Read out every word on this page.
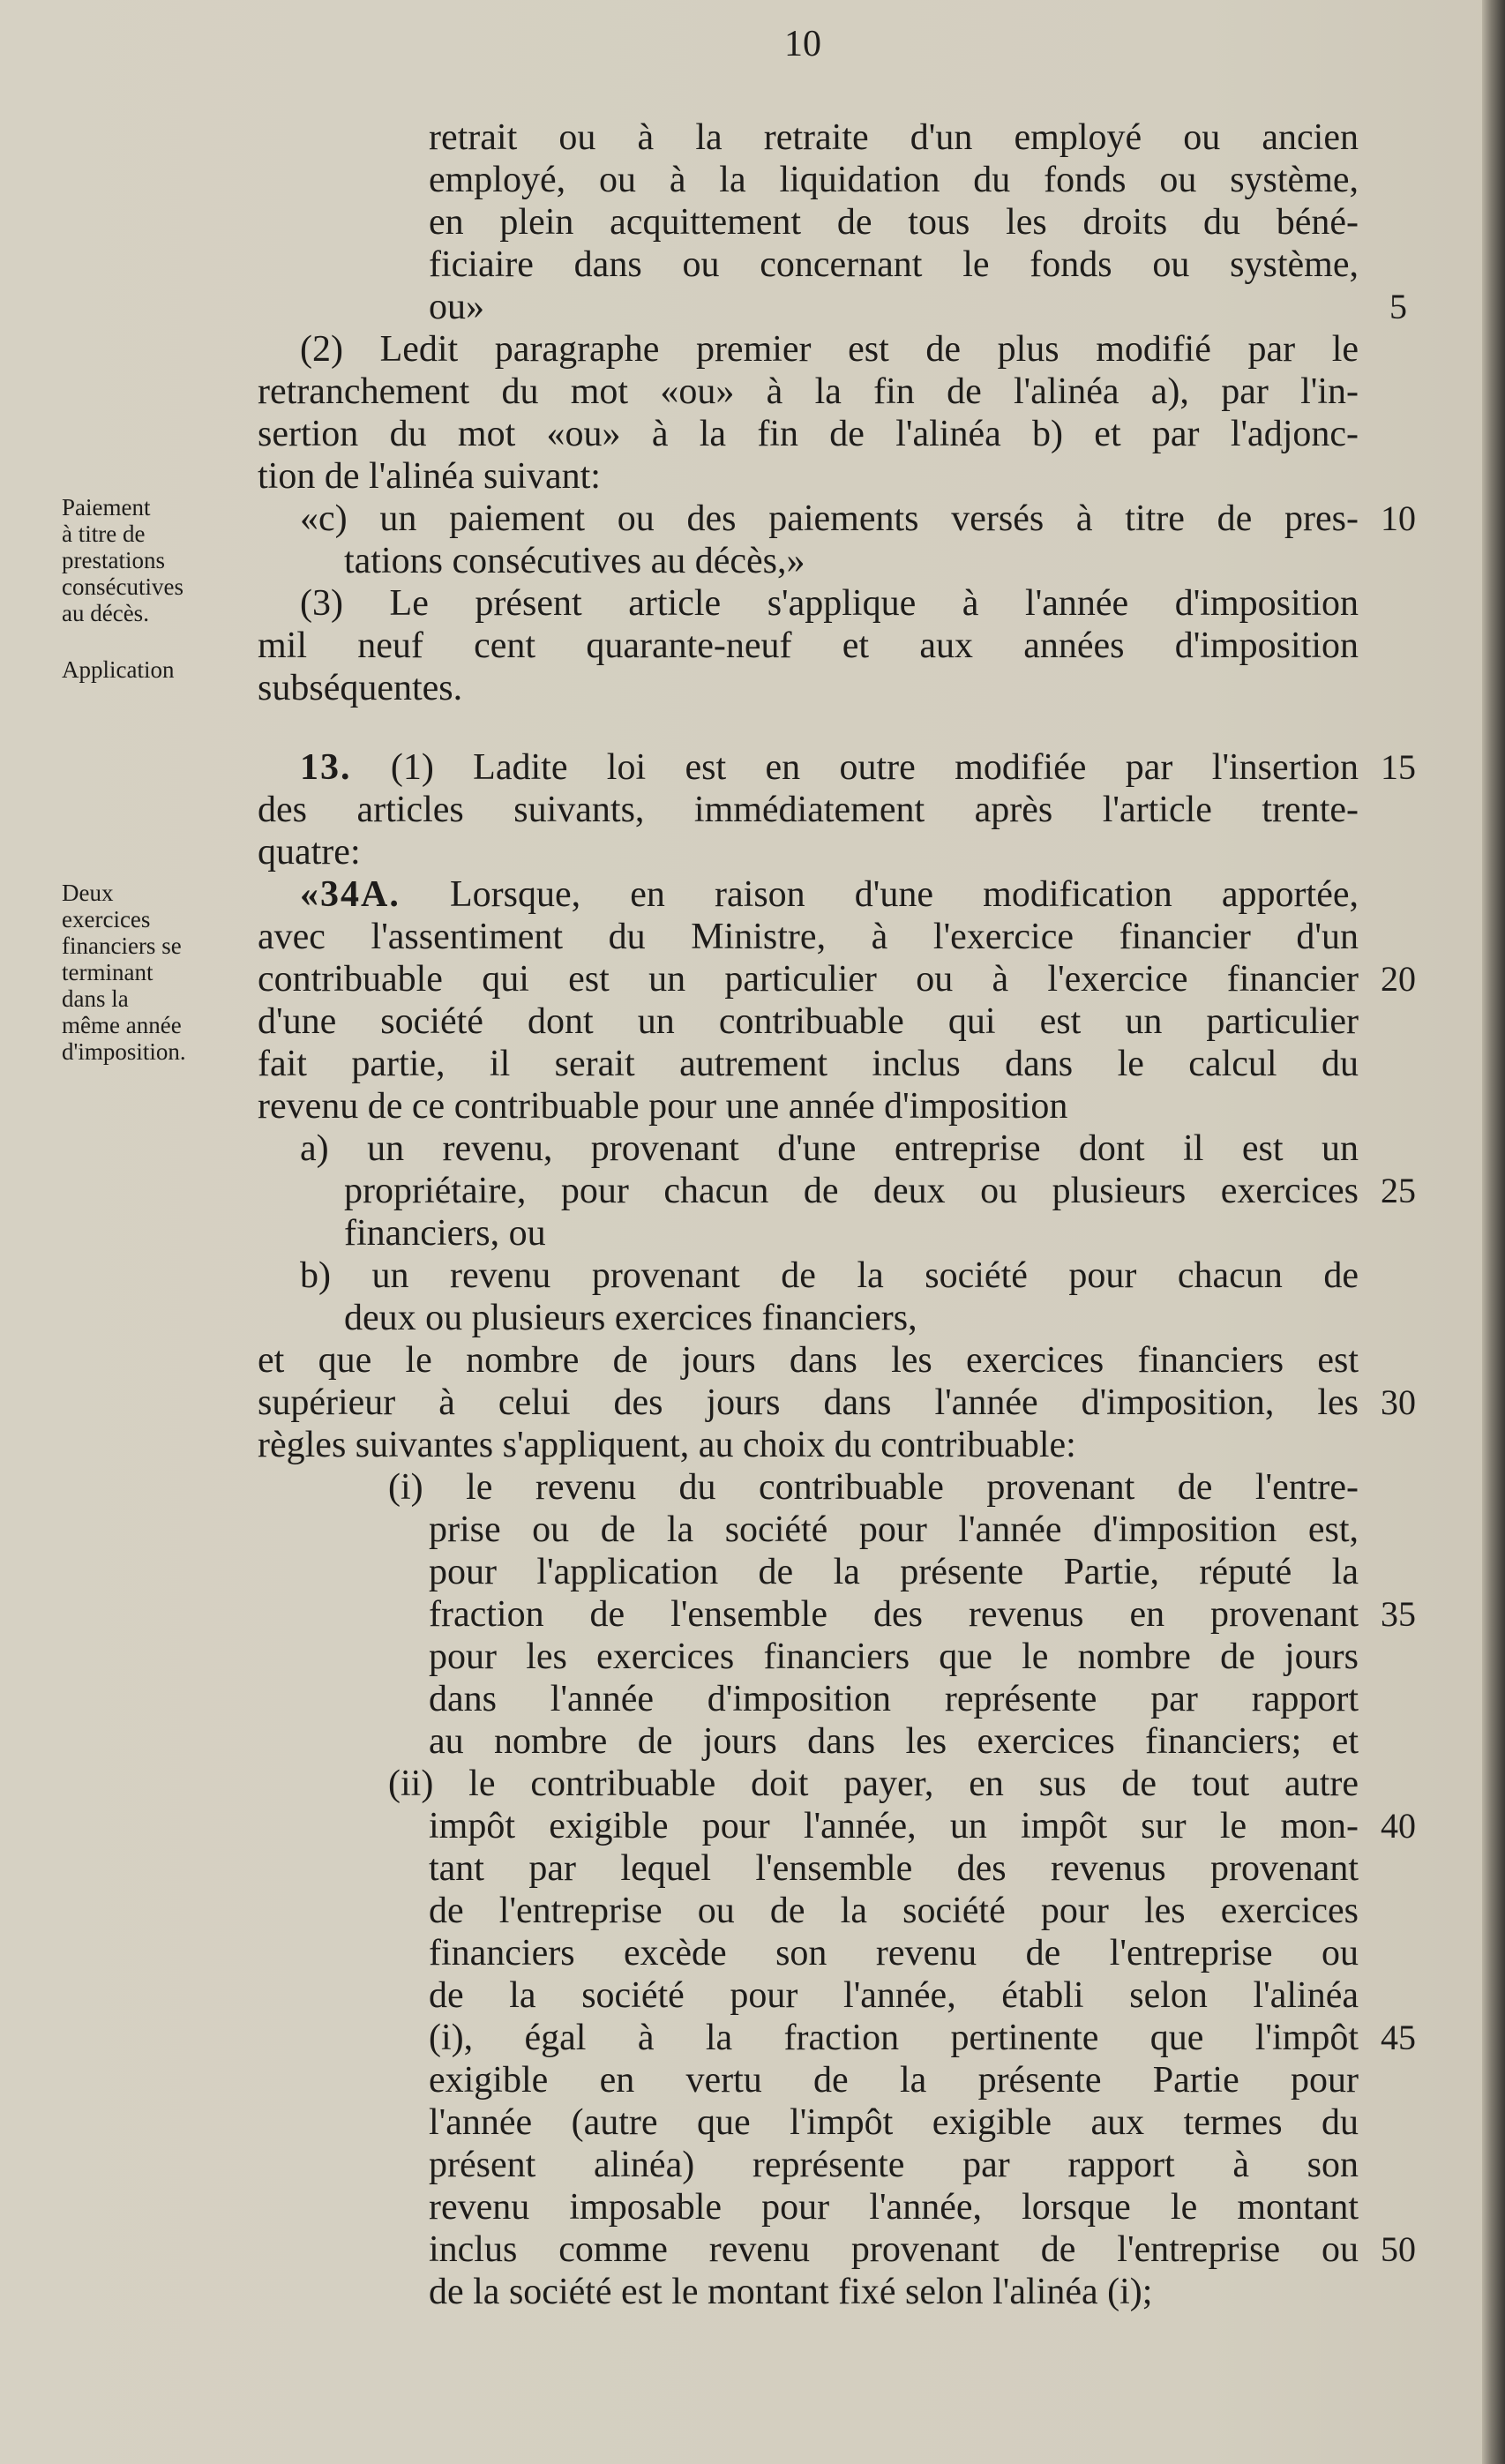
10
Paiement
à titre de
prestations
consécutives
au décès.
Application
Deux
exercices
financiers se
terminant
dans la
même année
d'imposition.
retrait ou à la retraite d'un employé ou ancien
employé, ou à la liquidation du fonds ou système,
en plein acquittement de tous les droits du béné-
ficiaire dans ou concernant le fonds ou système,
ou»
(2) Ledit paragraphe premier est de plus modifié par le
retranchement du mot «ou» à la fin de l'alinéa a), par l'in-
sertion du mot «ou» à la fin de l'alinéa b) et par l'adjonc-
tion de l'alinéa suivant:
«c) un paiement ou des paiements versés à titre de pres-
tations consécutives au décès,»
(3) Le présent article s'applique à l'année d'imposition
mil neuf cent quarante-neuf et aux années d'imposition
subséquentes.
13. (1) Ladite loi est en outre modifiée par l'insertion
des articles suivants, immédiatement après l'article trente-
quatre:
«34A. Lorsque, en raison d'une modification apportée,
avec l'assentiment du Ministre, à l'exercice financier d'un
contribuable qui est un particulier ou à l'exercice financier
d'une société dont un contribuable qui est un particulier
fait partie, il serait autrement inclus dans le calcul du
revenu de ce contribuable pour une année d'imposition
a) un revenu, provenant d'une entreprise dont il est un
propriétaire, pour chacun de deux ou plusieurs exercices
financiers, ou
b) un revenu provenant de la société pour chacun de
deux ou plusieurs exercices financiers,
et que le nombre de jours dans les exercices financiers est
supérieur à celui des jours dans l'année d'imposition, les
règles suivantes s'appliquent, au choix du contribuable:
(i) le revenu du contribuable provenant de l'entre-
prise ou de la société pour l'année d'imposition est,
pour l'application de la présente Partie, réputé la
fraction de l'ensemble des revenus en provenant
pour les exercices financiers que le nombre de jours
dans l'année d'imposition représente par rapport
au nombre de jours dans les exercices financiers; et
(ii) le contribuable doit payer, en sus de tout autre
impôt exigible pour l'année, un impôt sur le mon-
tant par lequel l'ensemble des revenus provenant
de l'entreprise ou de la société pour les exercices
financiers excède son revenu de l'entreprise ou
de la société pour l'année, établi selon l'alinéa
(i), égal à la fraction pertinente que l'impôt
exigible en vertu de la présente Partie pour
l'année (autre que l'impôt exigible aux termes du
présent alinéa) représente par rapport à son
revenu imposable pour l'année, lorsque le montant
inclus comme revenu provenant de l'entreprise ou
de la société est le montant fixé selon l'alinéa (i);
5
10
15
20
25
30
35
40
45
50
